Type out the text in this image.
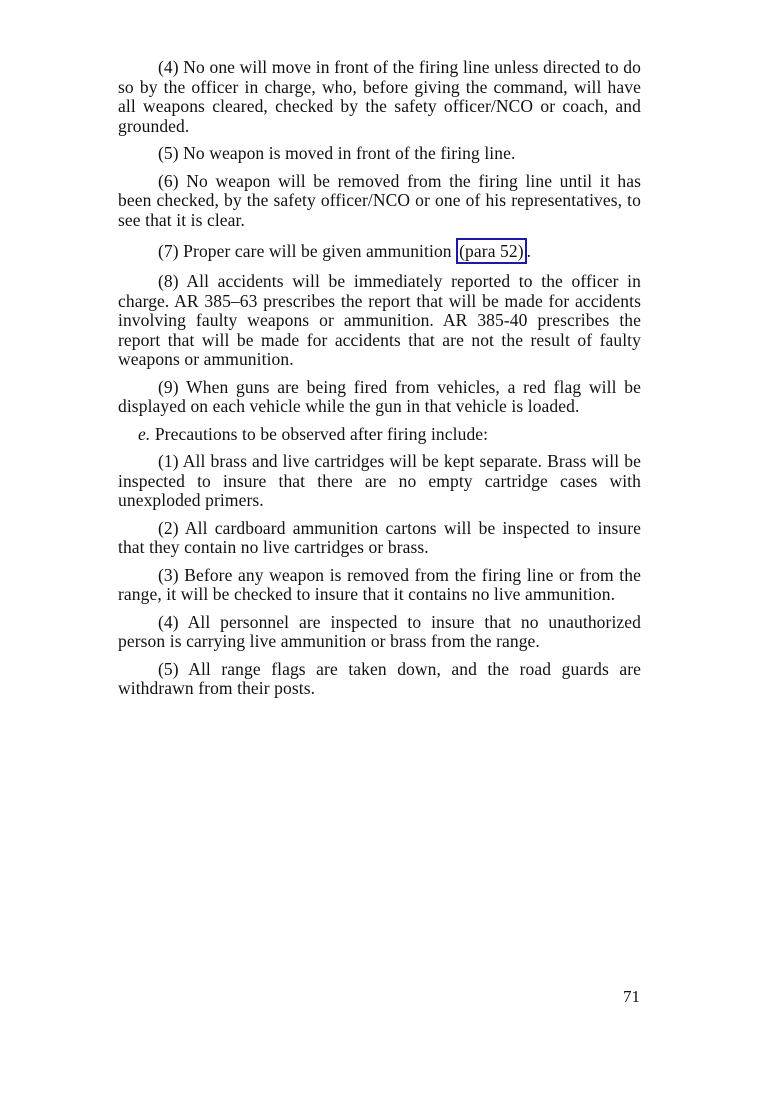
(4) No one will move in front of the firing line unless directed to do so by the officer in charge, who, before giving the command, will have all weapons cleared, checked by the safety officer/NCO or coach, and grounded.

(5) No weapon is moved in front of the firing line.

(6) No weapon will be removed from the firing line until it has been checked, by the safety officer/NCO or one of his representatives, to see that it is clear.

(7) Proper care will be given ammunition (para 52) .

(8) All accidents will be immediately reported to the officer in charge. AR 385–63 prescribes the report that will be made for accidents involving faulty weapons or ammunition. AR 385-40 prescribes the report that will be made for accidents that are not the result of faulty weapons or ammunition.

(9) When guns are being fired from vehicles, a red flag will be displayed on each vehicle while the gun in that vehicle is loaded.

e. Precautions to be observed after firing include:

(1) All brass and live cartridges will be kept separate. Brass will be inspected to insure that there are no empty cartridge cases with unexploded primers.

(2) All cardboard ammunition cartons will be inspected to insure that they contain no live cartridges or brass.

(3) Before any weapon is removed from the firing line or from the range, it will be checked to insure that it contains no live ammunition.

(4) All personnel are inspected to insure that no unauthorized person is carrying live ammunition or brass from the range.

(5) All range flags are taken down, and the road guards are withdrawn from their posts.

71
